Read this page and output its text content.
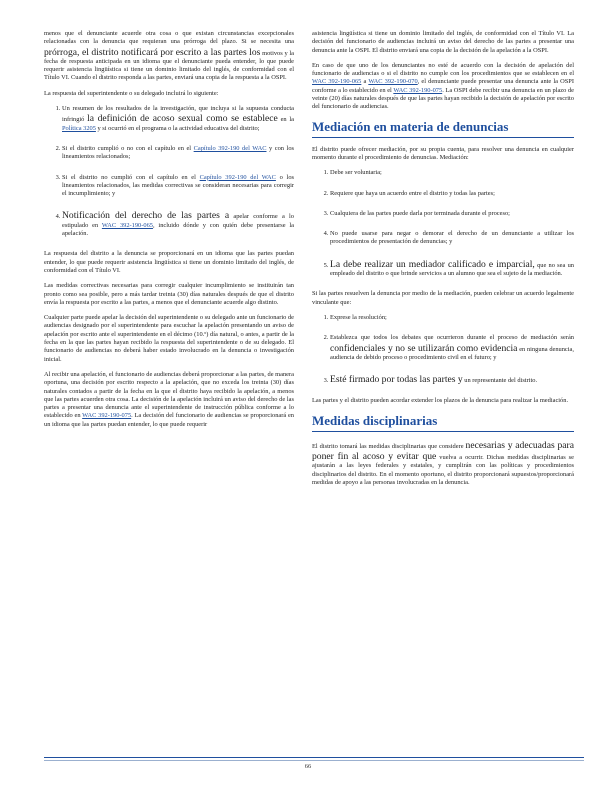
menos que el denunciante acuerde otra cosa o que existan circunstancias excepcionales relacionadas con la denuncia que requieran una prórroga del plazo. Si se necesita una prórroga, el distrito notificará por escrito a las partes los motivos y la fecha de respuesta anticipada en un idioma que el denunciante pueda entender, lo que puede requerir asistencia lingüística si tiene un dominio limitado del inglés, de conformidad con el Título VI. Cuando el distrito responda a las partes, enviará una copia de la respuesta a la OSPI.

La respuesta del superintendente o su delegado incluirá lo siguiente:

1. Un resumen de los resultados de la investigación, que incluya si la supuesta conducta infringió la definición de acoso sexual como se establece en la Política 3205 y si ocurrió en el programa o la actividad educativa del distrito;
2. Si el distrito cumplió o no con el capítulo en el Capítulo 392-190 del WAC y con los lineamientos relacionados;
3. Si el distrito no cumplió con el capítulo en el Capítulo 392-190 del WAC o los lineamientos relacionados, las medidas correctivas se consideran necesarias para corregir el incumplimiento; y
4. Notificación del derecho de las partes a apelar conforme a lo estipulado en WAC 392-190-065, incluido dónde y con quién debe presentarse la apelación.

La respuesta del distrito a la denuncia se proporcionará en un idioma que las partes puedan entender, lo que puede requerir asistencia lingüística si tiene un dominio limitado del inglés, de conformidad con el Título VI.

Las medidas correctivas necesarias para corregir cualquier incumplimiento se instituirán tan pronto como sea posible, pero a más tardar treinta (30) días naturales después de que el distrito envía la respuesta por escrito a las partes, a menos que el denunciante acuerde algo distinto.

Cualquier parte puede apelar la decisión del superintendente o su delegado ante un funcionario de audiencias designado por el superintendente para escuchar la apelación presentando un aviso de apelación por escrito ante el superintendente en el décimo (10.º) día natural, o antes, a partir de la fecha en la que las partes hayan recibido la respuesta del superintendente o de su delegado. El funcionario de audiencias no deberá haber estado involucrado en la denuncia o investigación inicial.

Al recibir una apelación, el funcionario de audiencias deberá proporcionar a las partes, de manera oportuna, una decisión por escrito respecto a la apelación, que no exceda los treinta (30) días naturales contados a partir de la fecha en la que el distrito haya recibido la apelación, a menos que las partes acuerden otra cosa. La decisión de la apelación incluirá un aviso del derecho de las partes a presentar una denuncia ante el superintendente de instrucción pública conforme a lo establecido en WAC 392-190-075. La decisión del funcionario de audiencias se proporcionará en un idioma que las partes puedan entender, lo que puede requerir

asistencia lingüística si tiene un dominio limitado del inglés, de conformidad con el Título VI. La decisión del funcionario de audiencias incluirá un aviso del derecho de las partes a presentar una denuncia ante la OSPI. El distrito enviará una copia de la decisión de la apelación a la OSPI.

En caso de que uno de los denunciantes no esté de acuerdo con la decisión de apelación del funcionario de audiencias o si el distrito no cumple con los procedimientos que se establecen en el WAC 392-190-065 a WAC 392-190-070, el denunciante puede presentar una denuncia ante la OSPI conforme a lo establecido en el WAC 392-190-075. La OSPI debe recibir una denuncia en un plazo de veinte (20) días naturales después de que las partes hayan recibido la decisión de apelación por escrito del funcionario de audiencias.

Mediación en materia de denuncias

El distrito puede ofrecer mediación, por su propia cuenta, para resolver una denuncia en cualquier momento durante el procedimiento de denuncias. Mediación:

1. Debe ser voluntaria;
2. Requiere que haya un acuerdo entre el distrito y todas las partes;
3. Cualquiera de las partes puede darla por terminada durante el proceso;
4. No puede usarse para negar o demorar el derecho de un denunciante a utilizar los procedimientos de presentación de denuncias; y
5. La debe realizar un mediador calificado e imparcial, que no sea un empleado del distrito o que brinde servicios a un alumno que sea el sujeto de la mediación.

Si las partes resuelven la denuncia por medio de la mediación, pueden celebrar un acuerdo legalmente vinculante que:

1. Exprese la resolución;
2. Establezca que todos los debates que ocurrieron durante el proceso de mediación serán confidenciales y no se utilizarán como evidencia en ninguna denuncia, audiencia de debido proceso o procedimiento civil en el futuro; y
3. Esté firmado por todas las partes y un representante del distrito.

Las partes y el distrito pueden acordar extender los plazos de la denuncia para realizar la mediación.

Medidas disciplinarias

El distrito tomará las medidas disciplinarias que considere necesarias y adecuadas para poner fin al acoso y evitar que vuelva a ocurrir. Dichas medidas disciplinarias se ajustarán a las leyes federales y estatales, y cumplirán con las políticas y procedimientos disciplinarios del distrito. En el momento oportuno, el distrito proporcionará supuestos/proporcionará medidas de apoyo a las personas involucradas en la denuncia.

66
